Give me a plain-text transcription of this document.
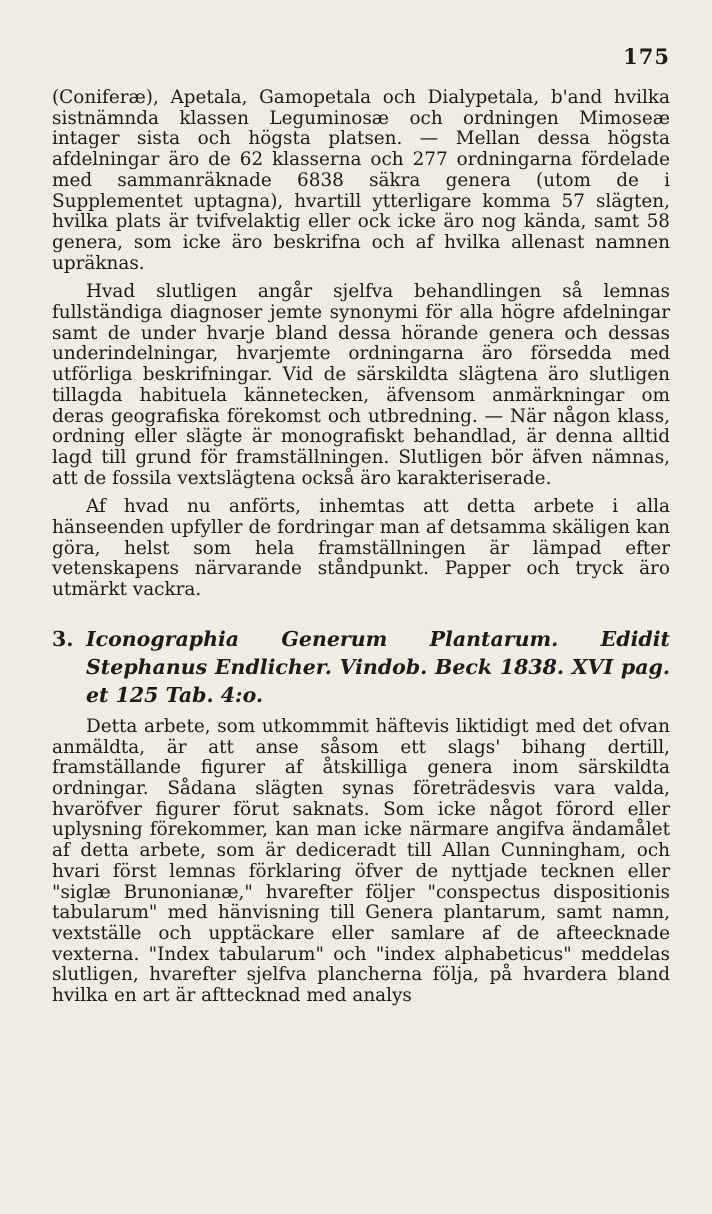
175

(Coniferæ), Apetala, Gamopetala och Dialypetala, b'and hvilka sistnämnda klassen Leguminosæ och ordningen Mimoseæ intager sista och högsta platsen. — Mellan dessa högsta afdelningar äro de 62 klasserna och 277 ordningarna fördelade med sammanräknade 6838 säkra genera (utom de i Supplementet uptagna), hvartill ytterligare komma 57 slägten, hvilka plats är tvifvelaktig eller ock icke äro nog kända, samt 58 genera, som icke äro beskrifna och af hvilka allenast namnen upräknas.

Hvad slutligen angår sjelfva behandlingen så lemnas fullständiga diagnoser jemte synonymi för alla högre afdelningar samt de under hvarje bland dessa hörande genera och dessas underindelningar, hvarjemte ordningarna äro försedda med utförliga beskrifningar. Vid de särskildta slägtena äro slutligen tillagda habituela kännetecken, äfvensom anmärkningar om deras geografiska förekomst och utbredning. — När någon klass, ordning eller slägte är monografiskt behandlad, är denna alltid lagd till grund för framställningen. Slutligen bör äfven nämnas, att de fossila vextslägtena också äro karakteriserade.

Af hvad nu anförts, inhemtas att detta arbete i alla hänseenden upfyller de fordringar man af detsamma skäligen kan göra, helst som hela framställningen är lämpad efter vetenskapens närvarande ståndpunkt. Papper och tryck äro utmärkt vackra.

3. Iconographia Generum Plantarum. Edidit Stephanus Endlicher. Vindob. Beck 1838. XVI pag. et 125 Tab. 4:o.

Detta arbete, som utkommmit häftevis liktidigt med det ofvan anmäldta, är att anse såsom ett slags' bihang dertill, framställande figurer af åtskilliga genera inom särskildta ordningar. Sådana slägten synas företrädesvis vara valda, hvaröfver figurer förut saknats. Som icke något förord eller uplysning förekommer, kan man icke närmare angifva ändamålet af detta arbete, som är dediceradt till Allan Cunningham, och hvari först lemnas förklaring öfver de nyttjade tecknen eller "siglæ Brunonianæ," hvarefter följer "conspectus dispositionis tabularum" med hänvisning till Genera plantarum, samt namn, vextställe och upptäckare eller samlare af de afteecknade vexterna. "Index tabularum" och "index alphabeticus" meddelas slutligen, hvarefter sjelfva plancherna följa, på hvardera bland hvilka en art är afttecknad med analys
